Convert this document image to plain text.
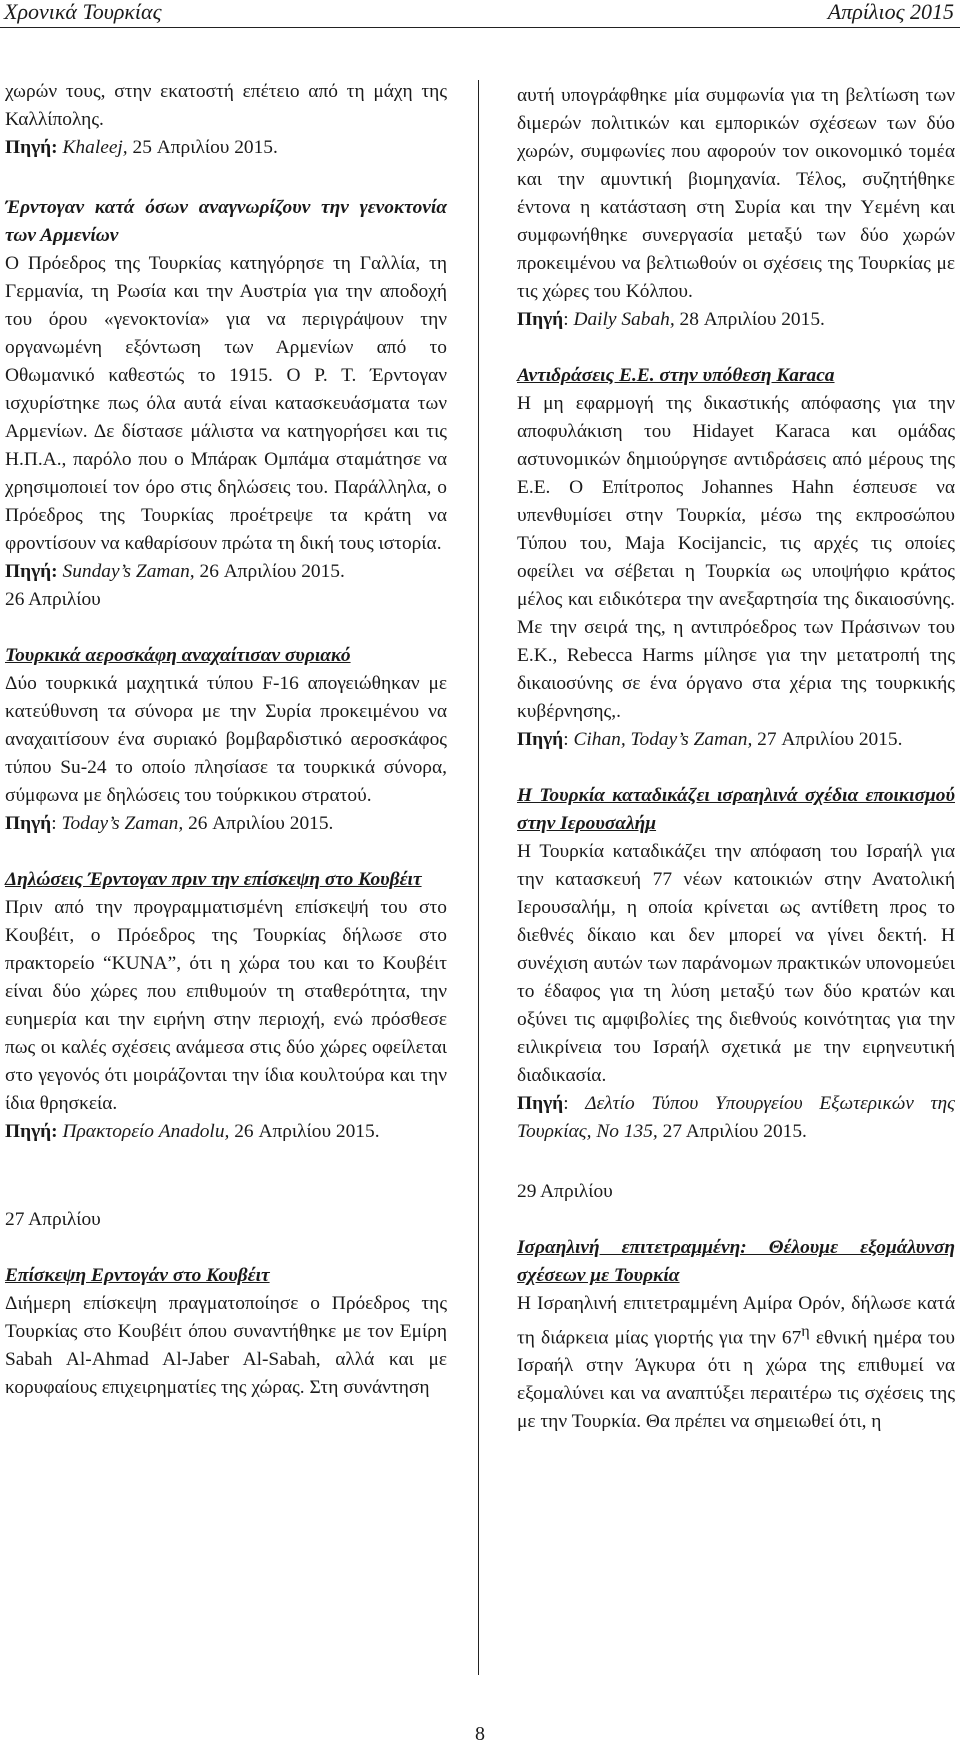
Χρονικά Τουρκίας	Απρίλιος 2015

χωρών τους, στην εκατοστή επέτειο από τη μάχη της Καλλίπολης.

Πηγή: Khaleej, 25 Απριλίου 2015.

Έρντογαν κατά όσων αναγνωρίζουν την γενοκτονία των Αρμενίων

Ο Πρόεδρος της Τουρκίας κατηγόρησε τη Γαλλία, τη Γερμανία, τη Ρωσία και την Αυστρία για την αποδοχή του όρου «γενοκτονία» για να περιγράψουν την οργανωμένη εξόντωση των Αρμενίων από το Οθωμανικό καθεστώς το 1915. Ο Ρ. Τ. Έρντογαν ισχυρίστηκε πως όλα αυτά είναι κατασκευάσματα των Αρμενίων. Δε δίστασε μάλιστα να κατηγορήσει και τις Η.Π.Α., παρόλο που ο Μπάρακ Ομπάμα σταμάτησε να χρησιμοποιεί τον όρο στις δηλώσεις του. Παράλληλα, ο Πρόεδρος της Τουρκίας προέτρεψε τα κράτη να φροντίσουν να καθαρίσουν πρώτα τη δική τους ιστορία.

Πηγή: Sunday’s Zaman, 26 Απριλίου 2015.

26 Απριλίου

Τουρκικά αεροσκάφη αναχαίτισαν συριακό

Δύο τουρκικά μαχητικά τύπου F-16 απογειώθηκαν με κατεύθυνση τα σύνορα με την Συρία προκειμένου να αναχαιτίσουν ένα συριακό βομβαρδιστικό αεροσκάφος τύπου Su-24 το οποίο πλησίασε τα τουρκικά σύνορα, σύμφωνα με δηλώσεις του τούρκικου στρατού.

Πηγή: Today’s Zaman, 26 Απριλίου 2015.

Δηλώσεις Έρντογαν πριν την επίσκεψη στο Κουβέιτ

Πριν από την προγραμματισμένη επίσκεψή του στο Κουβέιτ, ο Πρόεδρος της Τουρκίας δήλωσε στο πρακτορείο “KUNA”, ότι η χώρα του και το Κουβέιτ είναι δύο χώρες που επιθυμούν τη σταθερότητα, την ευημερία και την ειρήνη στην περιοχή, ενώ πρόσθεσε πως οι καλές σχέσεις ανάμεσα στις δύο χώρες οφείλεται στο γεγονός ότι μοιράζονται την ίδια κουλτούρα και την ίδια θρησκεία.

Πηγή: Πρακτορείο Anadolu, 26 Απριλίου 2015.

27 Απριλίου

Επίσκεψη Ερντογάν στο Κουβέιτ

Διήμερη επίσκεψη πραγματοποίησε ο Πρόεδρος της Τουρκίας στο Κουβέιτ όπου συναντήθηκε με τον Εμίρη Sabah Al-Ahmad Al-Jaber Al-Sabah, αλλά και με κορυφαίους επιχειρηματίες της χώρας. Στη συνάντηση

αυτή υπογράφθηκε μία συμφωνία για τη βελτίωση των διμερών πολιτικών και εμπορικών σχέσεων των δύο χωρών, συμφωνίες που αφορούν τον οικονομικό τομέα και την αμυντική βιομηχανία. Τέλος, συζητήθηκε έντονα η κατάσταση στη Συρία και την Υεμένη και συμφωνήθηκε συνεργασία μεταξύ των δύο χωρών προκειμένου να βελτιωθούν οι σχέσεις της Τουρκίας με τις χώρες του Κόλπου.

Πηγή: Daily Sabah, 28 Απριλίου 2015.

Αντιδράσεις Ε.Ε. στην υπόθεση Karaca

Η μη εφαρμογή της δικαστικής απόφασης για την αποφυλάκιση του Hidayet Karaca και ομάδας αστυνομικών δημιούργησε αντιδράσεις από μέρους της Ε.Ε. Ο Επίτροπος Johannes Hahn έσπευσε να υπενθυμίσει στην Τουρκία, μέσω της εκπροσώπου Τύπου του, Maja Kocijancic, τις αρχές τις οποίες οφείλει να σέβεται η Τουρκία ως υποψήφιο κράτος μέλος και ειδικότερα την ανεξαρτησία της δικαιοσύνης. Με την σειρά της, η αντιπρόεδρος των Πράσινων του Ε.Κ., Rebecca Harms μίλησε για την μετατροπή της δικαιοσύνης σε ένα όργανο στα χέρια της τουρκικής κυβέρνησης,.

Πηγή: Cihan, Today’s Zaman, 27 Απριλίου 2015.

Η Τουρκία καταδικάζει ισραηλινά σχέδια εποικισμού στην Ιερουσαλήμ

Η Τουρκία καταδικάζει την απόφαση του Ισραήλ για την κατασκευή 77 νέων κατοικιών στην Ανατολική Ιερουσαλήμ, η οποία κρίνεται ως αντίθετη προς το διεθνές δίκαιο και δεν μπορεί να γίνει δεκτή. Η συνέχιση αυτών των παράνομων πρακτικών υπονομεύει το έδαφος για τη λύση μεταξύ των δύο κρατών και οξύνει τις αμφιβολίες της διεθνούς κοινότητας για την ειλικρίνεια του Ισραήλ σχετικά με την ειρηνευτική διαδικασία.

Πηγή: Δελτίο Τύπου Υπουργείου Εξωτερικών της Τουρκίας, Νο 135, 27 Απριλίου 2015.

29 Απριλίου

Ισραηλινή επιτετραμμένη: Θέλουμε εξομάλυνση σχέσεων με Τουρκία

Η Ισραηλινή επιτετραμμένη Αμίρα Ορόν, δήλωσε κατά τη διάρκεια μίας γιορτής για την $67^\eta$ εθνική ημέρα του Ισραήλ στην Άγκυρα ότι η χώρα της επιθυμεί να εξομαλύνει και να αναπτύξει περαιτέρω τις σχέσεις της με την Τουρκία. Θα πρέπει να σημειωθεί ότι, η

8
